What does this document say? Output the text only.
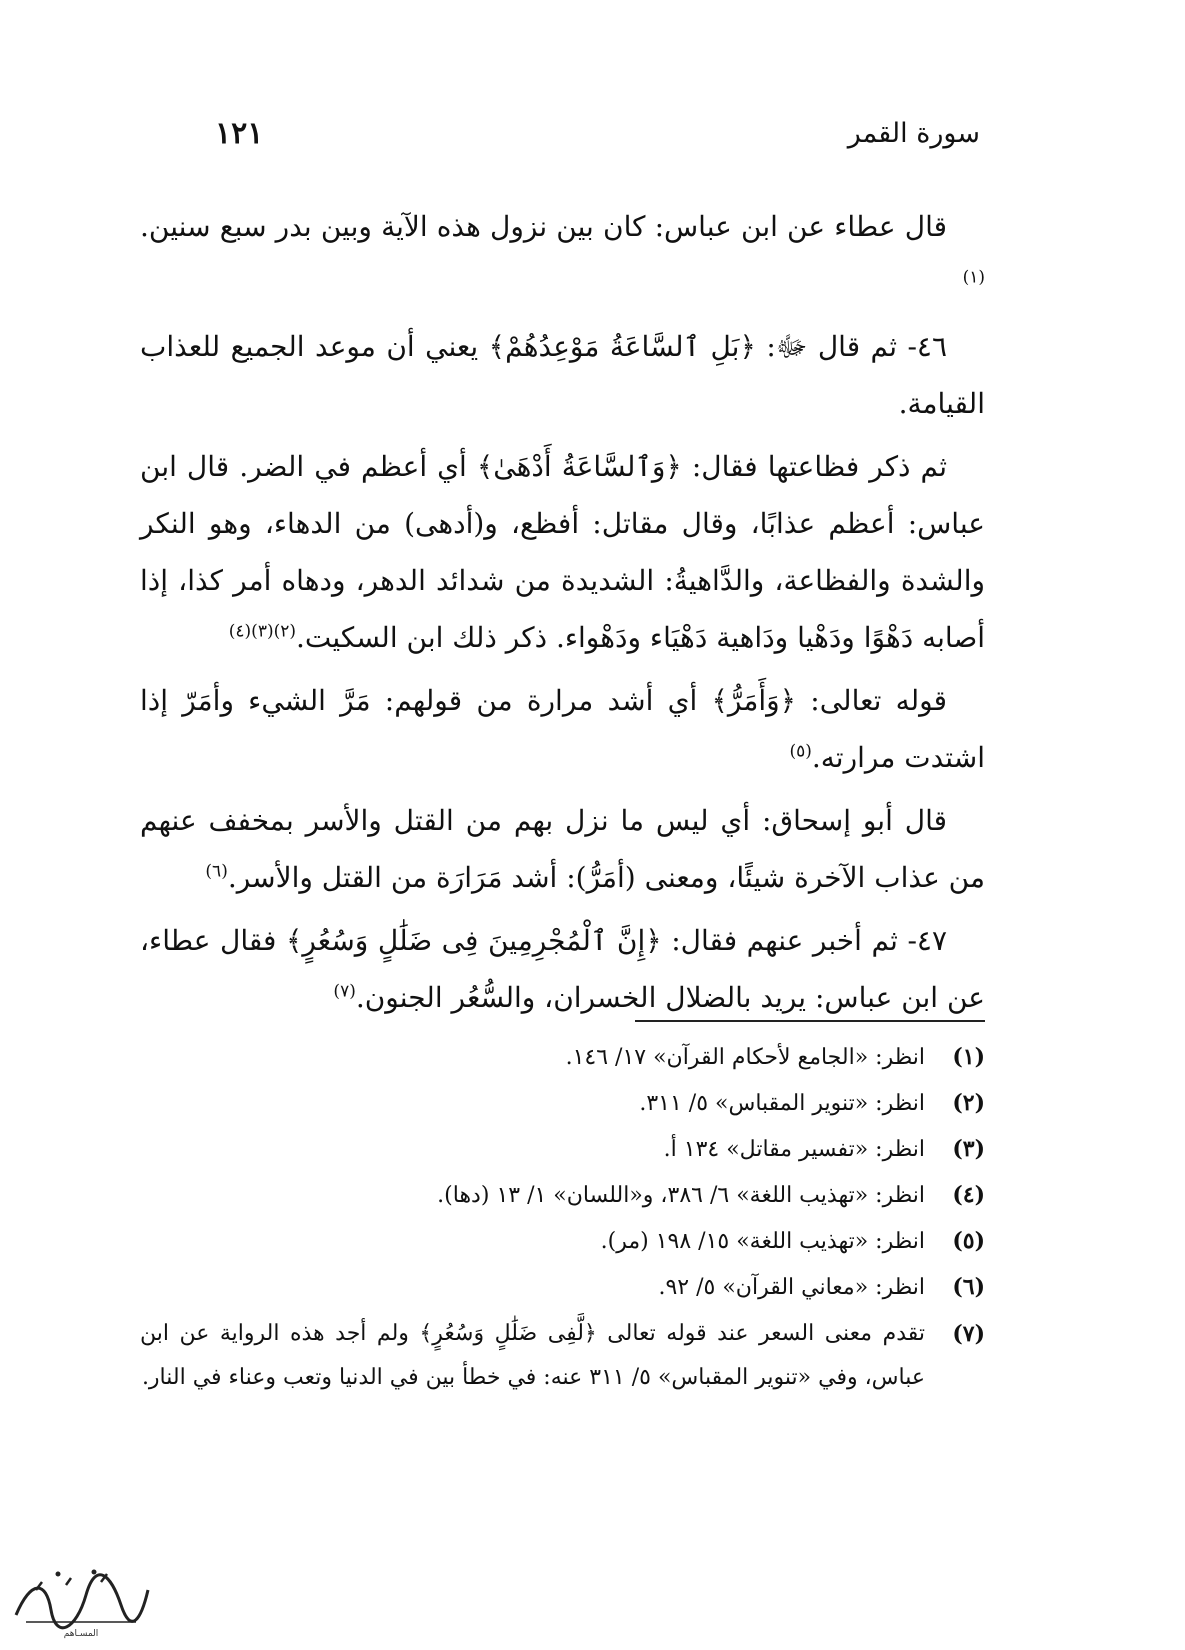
سورة القمر
١٢١

قال عطاء عن ابن عباس: كان بين نزول هذه الآية وبين بدر سبع سنين.$^{(١)}$

٤٦- ثم قال ﷻ: ﴿بَلِ ٱلسَّاعَةُ مَوْعِدُهُمْ﴾ يعني أن موعد الجميع للعذاب القيامة.

ثم ذكر فظاعتها فقال: ﴿وَٱلسَّاعَةُ أَدْهَىٰ﴾ أي أعظم في الضر. قال ابن عباس: أعظم عذابًا، وقال مقاتل: أفظع، و(أدهى) من الدهاء، وهو النكر والشدة والفظاعة، والدَّاهيةُ: الشديدة من شدائد الدهر، ودهاه أمر كذا، إذا أصابه دَهْوًا ودَهْيا ودَاهية دَهْيَاء ودَهْواء. ذكر ذلك ابن السكيت.$^{(٢)(٣)(٤)}$

قوله تعالى: ﴿وَأَمَرُّ﴾ أي أشد مرارة من قولهم: مَرَّ الشيء وأمَرّ إذا اشتدت مرارته.$^{(٥)}$

قال أبو إسحاق: أي ليس ما نزل بهم من القتل والأسر بمخفف عنهم من عذاب الآخرة شيئًا، ومعنى (أمَرُّ): أشد مَرَارَة من القتل والأسر.$^{(٦)}$

٤٧- ثم أخبر عنهم فقال: ﴿إِنَّ ٱلْمُجْرِمِينَ فِى ضَلَٰلٍ وَسُعُرٍ﴾ فقال عطاء، عن ابن عباس: يريد بالضلال الخسران، والسُّعُر الجنون.$^{(٧)}$

(١)
انظر: «الجامع لأحكام القرآن» ١٧/ ١٤٦.
(٢)
انظر: «تنوير المقباس» ٥/ ٣١١.
(٣)
انظر: «تفسير مقاتل» ١٣٤ أ.
(٤)
انظر: «تهذيب اللغة» ٦/ ٣٨٦، و«اللسان» ١/ ١٣ (دها).
(٥)
انظر: «تهذيب اللغة» ١٥/ ١٩٨ (مر).
(٦)
انظر: «معاني القرآن» ٥/ ٩٢.
(٧)
تقدم معنى السعر عند قوله تعالى ﴿لَّفِى ضَلَٰلٍ وَسُعُرٍ﴾ ولم أجد هذه الرواية عن ابن عباس، وفي «تنوير المقباس» ٥/ ٣١١ عنه: في خطأ بين في الدنيا وتعب وعناء في النار.
المسـاهم
